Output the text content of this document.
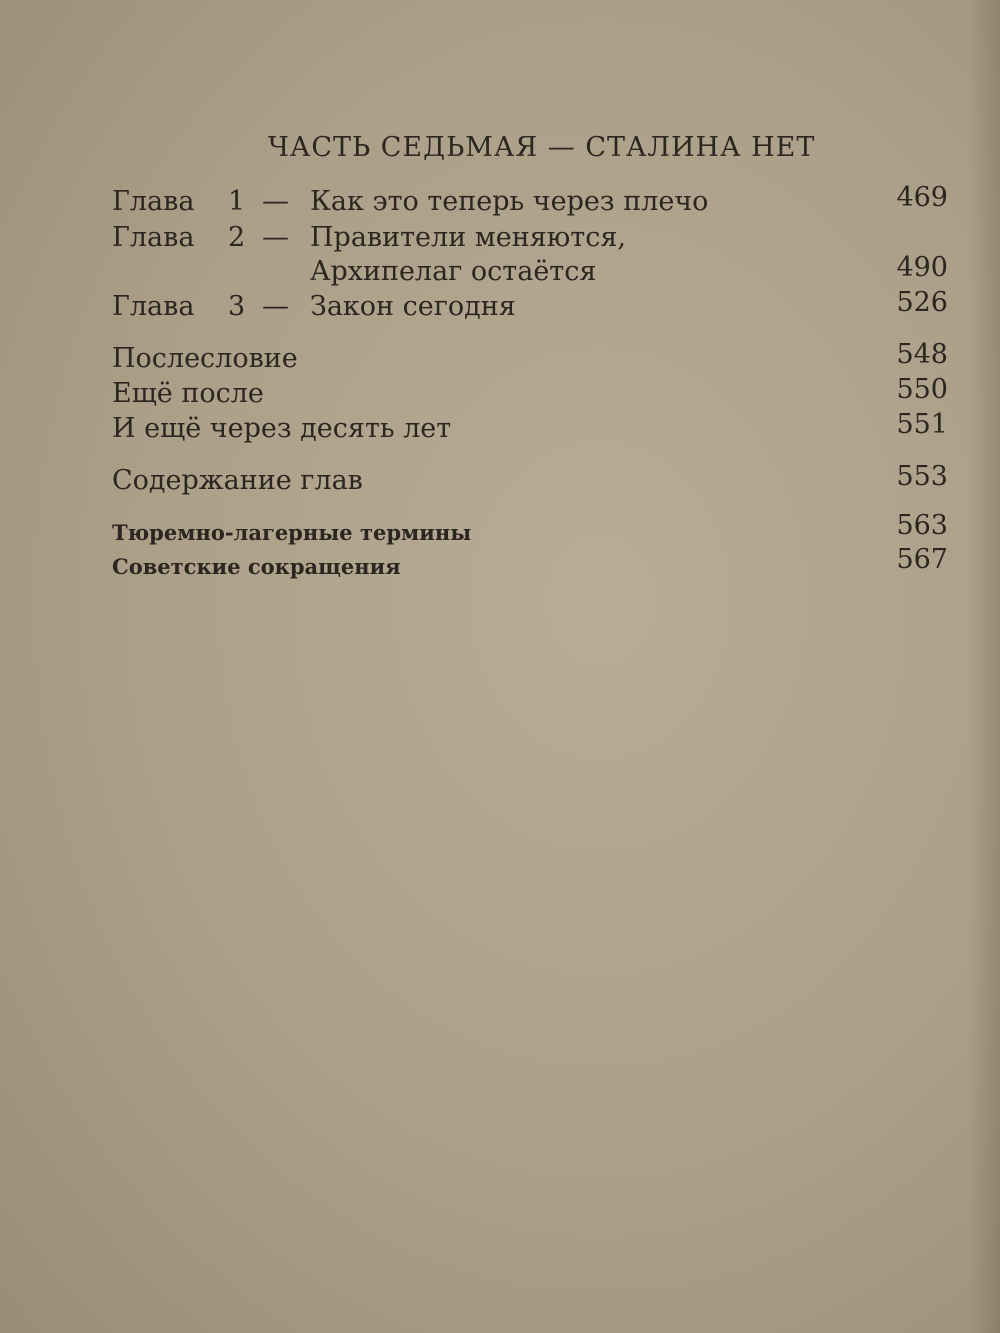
ЧАСТЬ СЕДЬМАЯ — СТАЛИНА НЕТ
Глава 1 — Как это теперь через плечо	469
Глава 2 — Правители меняются,
Архипелаг остаётся	490
Глава 3 — Закон сегодня	526
Послесловие	548
Ещё после	550
И ещё через десять лет	551
Содержание глав	553
Тюремно-лагерные термины	563
Советские сокращения	567
